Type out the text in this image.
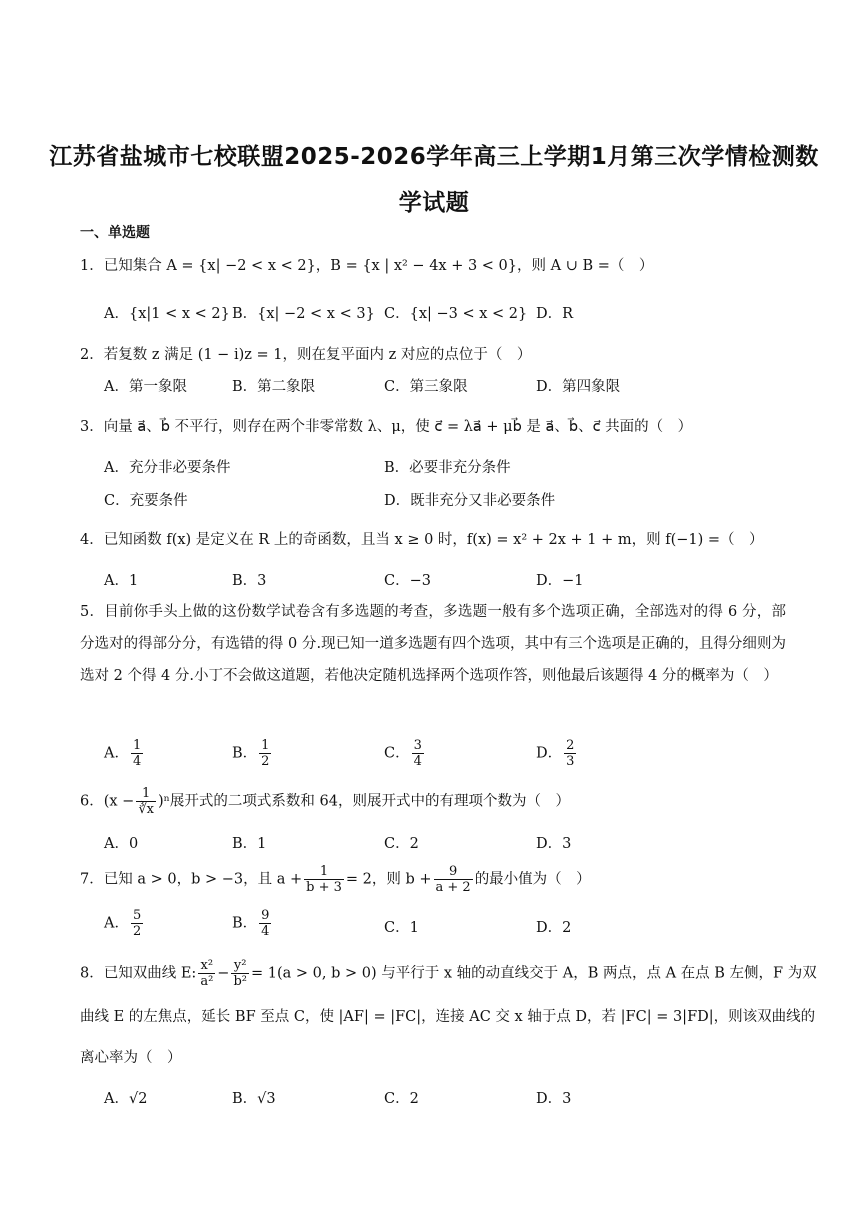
江苏省盐城市七校联盟2025-2026学年高三上学期1月第三次学情检测数
学试题
一、单选题
1．已知集合 A = {x| −2 < x < 2}，B = {x | x² − 4x + 3 < 0}，则 A ∪ B =（　）
A．{x|1 < x < 2} B．{x| −2 < x < 3} C．{x| −3 < x < 2} D．R
2．若复数 z 满足 (1 − i)z = 1，则在复平面内 z 对应的点位于（　）
A．第一象限	B．第二象限	C．第三象限	D．第四象限
3．向量 a⃗、b⃗ 不平行，则存在两个非零常数 λ、μ，使 c⃗ = λa⃗ + μb⃗ 是 a⃗、b⃗、c⃗ 共面的（　）
A．充分非必要条件	B．必要非充分条件
C．充要条件	D．既非充分又非必要条件
4．已知函数 f(x) 是定义在 R 上的奇函数，且当 x ≥ 0 时，f(x) = x² + 2x + 1 + m，则 f(−1) =（　）
A．1	B．3	C．−3	D．−1
5．目前你手头上做的这份数学试卷含有多选题的考查，多选题一般有多个选项正确，全部选对的得 6 分，部分选对的得部分分，有选错的得 0 分.现已知一道多选题有四个选项，其中有三个选项是正确的，且得分细则为选对 2 个得 4 分.小丁不会做这道题，若他决定随机选择两个选项作答，则他最后该题得 4 分的概率为（　）
A． $\frac{1}{4}$	B． $\frac{1}{2}$	C． $\frac{3}{4}$	D． $\frac{2}{3}$
6．$(x - \frac{1}{∛x} )^n$展开式的二项式系数和 64，则展开式中的有理项个数为（　）
A．0	B．1	C．2	D．3
7．已知 a > 0，b > −3，且 $a + \frac{1}{b + 3} = 2$，则 $b + \frac{9}{a + 2}$ 的最小值为（　）
A． $\frac{5}{2}$	B． $\frac{9}{4}$	C．1	D．2
8．已知双曲线 E: $\frac{\text{x²}}{\text{a²}} - \frac{\text{y²}}{\text{b²}} = 1(a > 0$, b > 0) 与平行于 x 轴的动直线交于 A，B 两点，点 A 在点 B 左侧，F 为双
曲线 E 的左焦点，延长 BF 至点 C，使 |AF| = |FC|，连接 AC 交 x 轴于点 D，若 |FC| = 3|FD|，则该双曲线的
离心率为（　）
A．√2	B．√3	C．2	D．3
